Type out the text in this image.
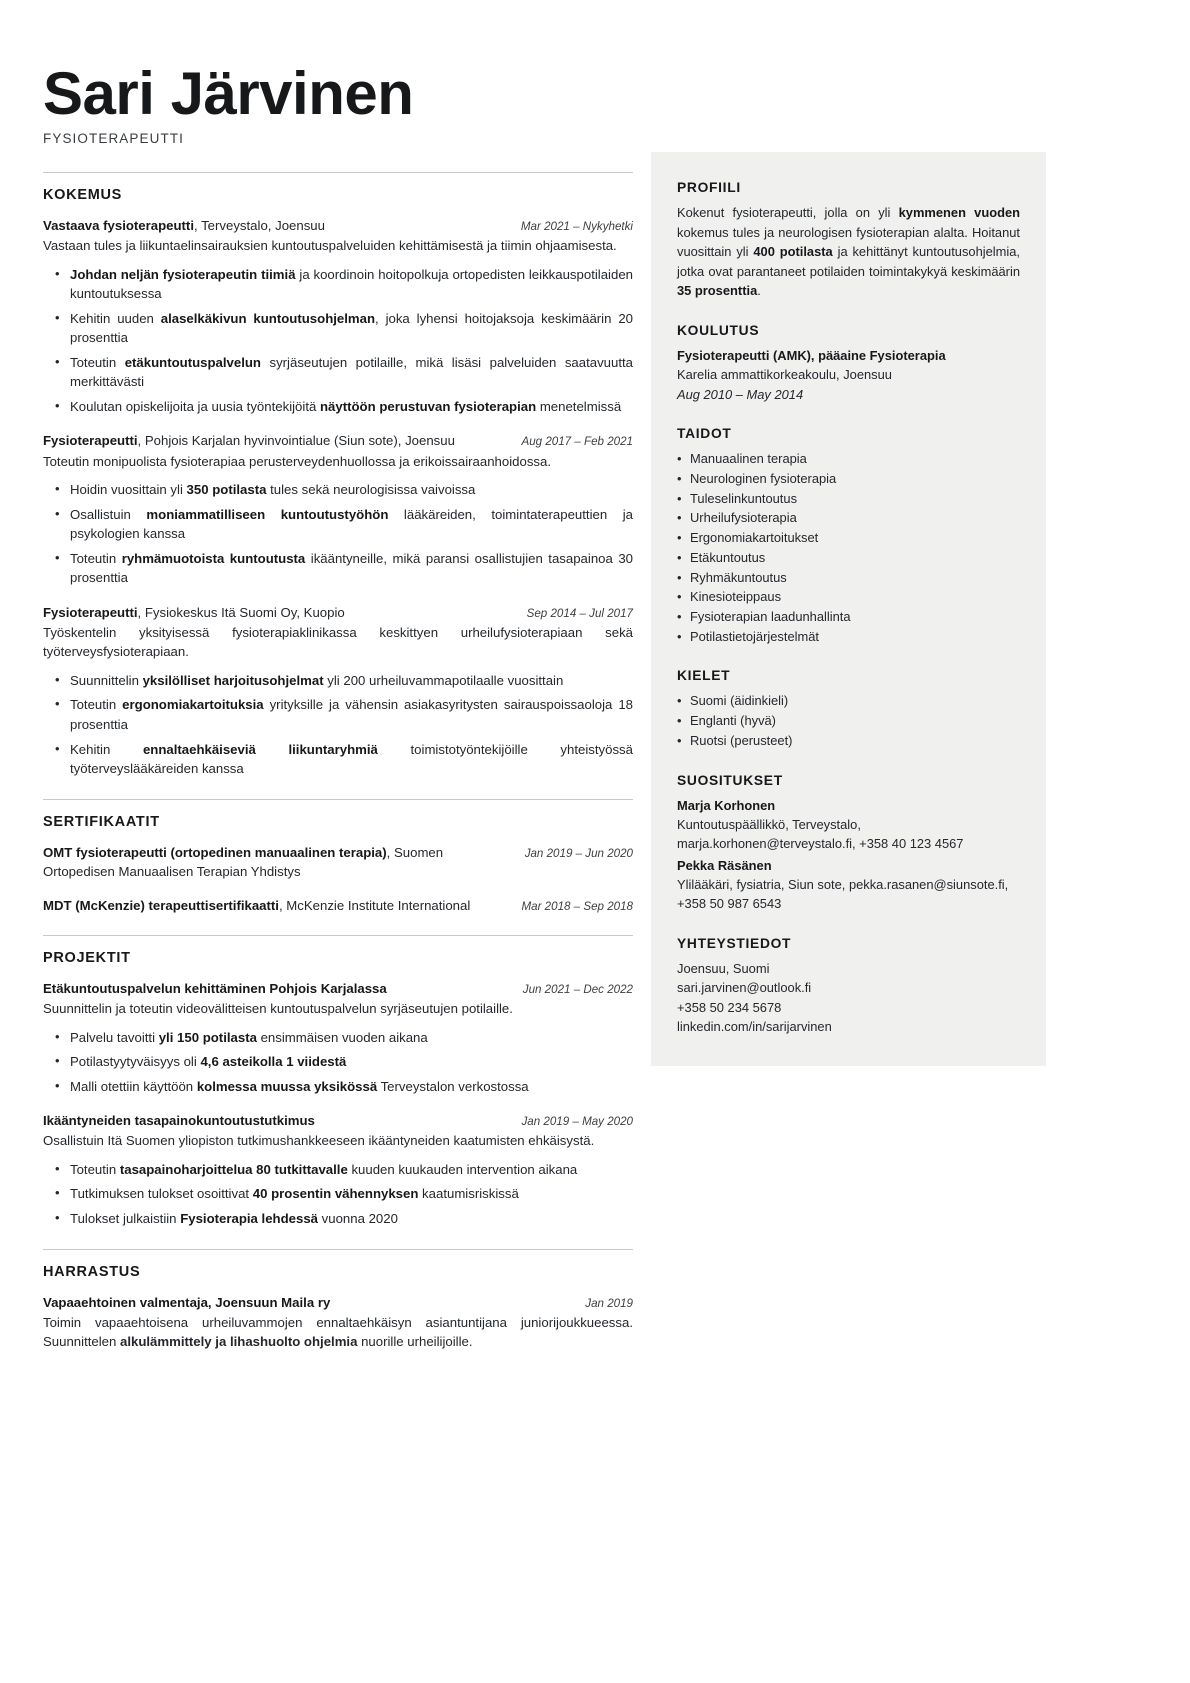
Sari Järvinen
FYSIOTERAPEUTTI
KOKEMUS
Vastaava fysioterapeutti, Terveystalo, Joensuu	Mar 2021 – Nykyhetki
Vastaan tules ja liikuntaelinsairauksien kuntoutuspalveluiden kehittämisestä ja tiimin ohjaamisesta.
• Johdan neljän fysioterapeutin tiimiä ja koordinoin hoitopolkuja ortopedisten leikkauspotilaiden kuntoutuksessa
• Kehitin uuden alaselkäkivun kuntoutusohjelman, joka lyhensi hoitojaksoja keskimäärin 20 prosenttia
• Toteutin etäkuntoutuspalvelun syrjäseutujen potilaille, mikä lisäsi palveluiden saatavuutta merkittävästi
• Koulutan opiskelijoita ja uusia työntekijöitä näyttöön perustuvan fysioterapian menetelmissä
Fysioterapeutti, Pohjois Karjalan hyvinvointialue (Siun sote), Joensuu	Aug 2017 – Feb 2021
Toteutin monipuolista fysioterapiaa perusterveydenhuollossa ja erikoissairaanhoidossa.
• Hoidin vuosittain yli 350 potilasta tules sekä neurologisissa vaivoissa
• Osallistuin moniammatilliseen kuntoutustyöhön lääkäreiden, toimintaterapeuttien ja psykologien kanssa
• Toteutin ryhmämuotoista kuntoutusta ikääntyneille, mikä paransi osallistujien tasapainoa 30 prosenttia
Fysioterapeutti, Fysiokeskus Itä Suomi Oy, Kuopio	Sep 2014 – Jul 2017
Työskentelin yksityisessä fysioterapiaklinikassa keskittyen urheilufysioterapiaan sekä työterveysfysioterapiaan.
• Suunnittelin yksilölliset harjoitusohjelmat yli 200 urheiluvammapotilaalle vuosittain
• Toteutin ergonomiakartoituksia yrityksille ja vähensin asiakasyritysten sairauspoissaoloja 18 prosenttia
• Kehitin ennaltaehkäiseviä liikuntaryhmiä toimistotyöntekijöille yhteistyössä työterveyslääkäreiden kanssa
SERTIFIKAATIT
OMT fysioterapeutti (ortopedinen manuaalinen terapia), Suomen Ortopedisen Manuaalisen Terapian Yhdistys
Jan 2019 – Jun 2020
MDT (McKenzie) terapeuttisertifikaatti, McKenzie Institute International	Mar 2018 – Sep 2018
PROJEKTIT
Etäkuntoutuspalvelun kehittäminen Pohjois Karjalassa	Jun 2021 – Dec 2022
Suunnittelin ja toteutin videovälitteisen kuntoutuspalvelun syrjäseutujen potilaille.
• Palvelu tavoitti yli 150 potilasta ensimmäisen vuoden aikana
• Potilastyytyväisyys oli 4,6 asteikolla 1 viidestä
• Malli otettiin käyttöön kolmessa muussa yksikössä Terveystalon verkostossa
Ikääntyneiden tasapainokuntoutustutkimus	Jan 2019 – May 2020
Osallistuin Itä Suomen yliopiston tutkimushankkeeseen ikääntyneiden kaatumisten ehkäisystä.
• Toteutin tasapainoharjoittelua 80 tutkittavalle kuuden kuukauden intervention aikana
• Tutkimuksen tulokset osoittivat 40 prosentin vähennyksen kaatumisriskissä
• Tulokset julkaistiin Fysioterapia lehdessä vuonna 2020
HARRASTUS
Vapaaehtoinen valmentaja, Joensuun Maila ry	Jan 2019
Toimin vapaaehtoisena urheiluvammojen ennaltaehkäisyn asiantuntijana juniorijoukkueessa. Suunnittelen alkulämmittely ja lihashuolto ohjelmia nuorille urheilijoille.
PROFIILI
Kokenut fysioterapeutti, jolla on yli kymmenen vuoden kokemus tules ja neurologisen fysioterapian alalta. Hoitanut vuosittain yli 400 potilasta ja kehittänyt kuntoutusohjelmia, jotka ovat parantaneet potilaiden toimintakykyä keskimäärin 35 prosenttia.
KOULUTUS
Fysioterapeutti (AMK), pääaine Fysioterapia
Karelia ammattikorkeakoulu, Joensuu
Aug 2010 – May 2014
TAIDOT
• Manuaalinen terapia
• Neurologinen fysioterapia
• Tuleselinkuntoutus
• Urheilufysioterapia
• Ergonomiakartoitukset
• Etäkuntoutus
• Ryhmäkuntoutus
• Kinesioteippaus
• Fysioterapian laadunhallinta
• Potilastietojärjestelmät
KIELET
• Suomi (äidinkieli)
• Englanti (hyvä)
• Ruotsi (perusteet)
SUOSITUKSET
Marja Korhonen
Kuntoutuspäällikkö, Terveystalo, marja.korhonen@terveystalo.fi, +358 40 123 4567
Pekka Räsänen
Ylilääkäri, fysiatria, Siun sote, pekka.rasanen@siunsote.fi, +358 50 987 6543
YHTEYSTIEDOT
Joensuu, Suomi
sari.jarvinen@outlook.fi
+358 50 234 5678
linkedin.com/in/sarijarvinen
